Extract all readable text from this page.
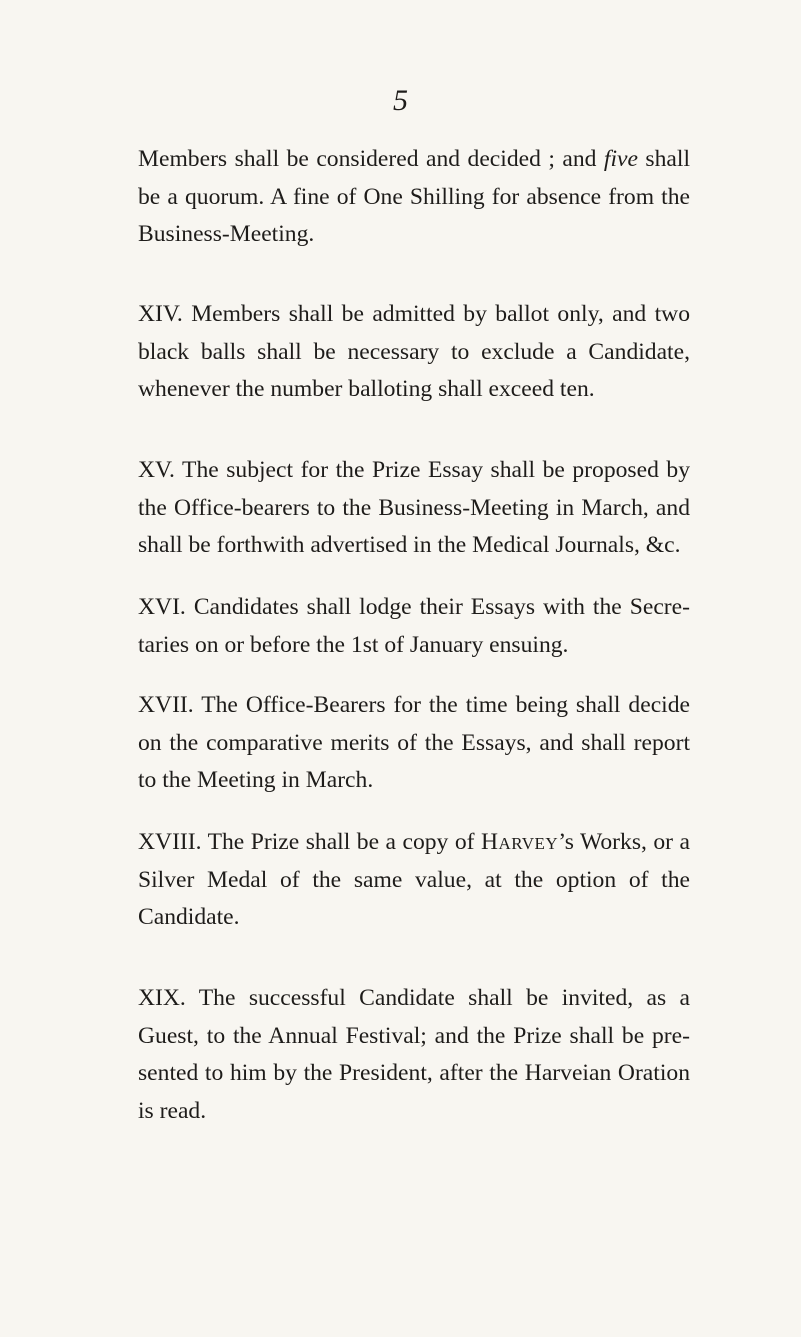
5

Members shall be considered and decided ; and five shall be a quorum. A fine of One Shilling for absence from the Business-Meeting.

XIV. Members shall be admitted by ballot only, and two black balls shall be necessary to exclude a Candidate, whenever the number balloting shall exceed ten.

XV. The subject for the Prize Essay shall be proposed by the Office-bearers to the Business-Meeting in March, and shall be forthwith advertised in the Medical Journals, &c.

XVI. Candidates shall lodge their Essays with the Secretaries on or before the 1st of January ensuing.

XVII. The Office-Bearers for the time being shall decide on the comparative merits of the Essays, and shall report to the Meeting in March.

XVIII. The Prize shall be a copy of Harvey’s Works, or a Silver Medal of the same value, at the option of the Candidate.

XIX. The successful Candidate shall be invited, as a Guest, to the Annual Festival; and the Prize shall be presented to him by the President, after the Harveian Oration is read.
